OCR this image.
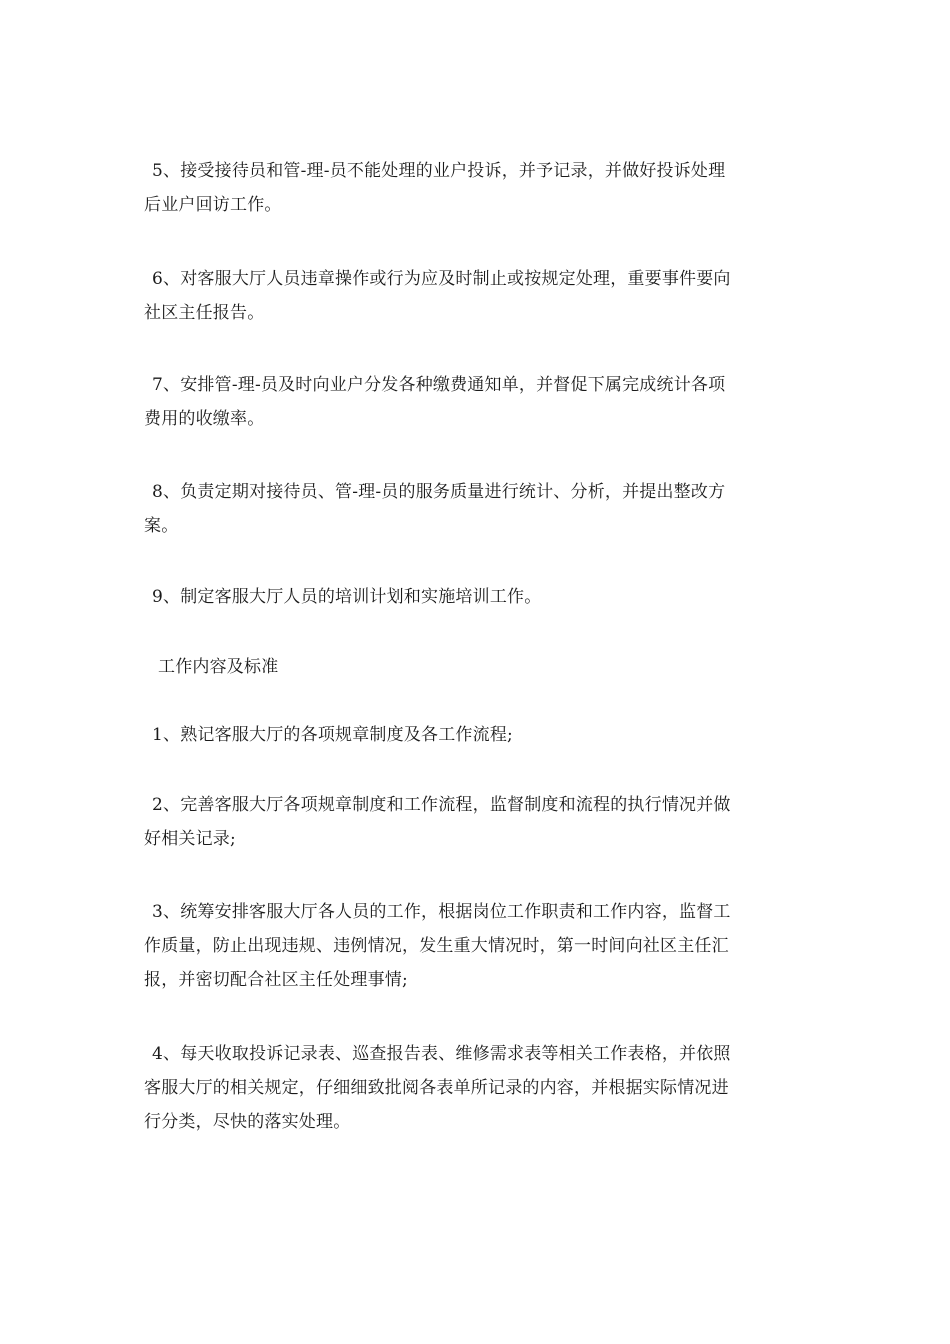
5、接受接待员和管-理-员不能处理的业户投诉，并予记录，并做好投诉处理
后业户回访工作。

6、对客服大厅人员违章操作或行为应及时制止或按规定处理，重要事件要向
社区主任报告。

7、安排管-理-员及时向业户分发各种缴费通知单，并督促下属完成统计各项
费用的收缴率。

8、负责定期对接待员、管-理-员的服务质量进行统计、分析，并提出整改方
案。

9、制定客服大厅人员的培训计划和实施培训工作。

工作内容及标准

1、熟记客服大厅的各项规章制度及各工作流程;

2、完善客服大厅各项规章制度和工作流程，监督制度和流程的执行情况并做
好相关记录;

3、统筹安排客服大厅各人员的工作，根据岗位工作职责和工作内容，监督工
作质量，防止出现违规、违例情况，发生重大情况时，第一时间向社区主任汇
报，并密切配合社区主任处理事情;

4、每天收取投诉记录表、巡查报告表、维修需求表等相关工作表格，并依照
客服大厅的相关规定，仔细细致批阅各表单所记录的内容，并根据实际情况进
行分类，尽快的落实处理。
